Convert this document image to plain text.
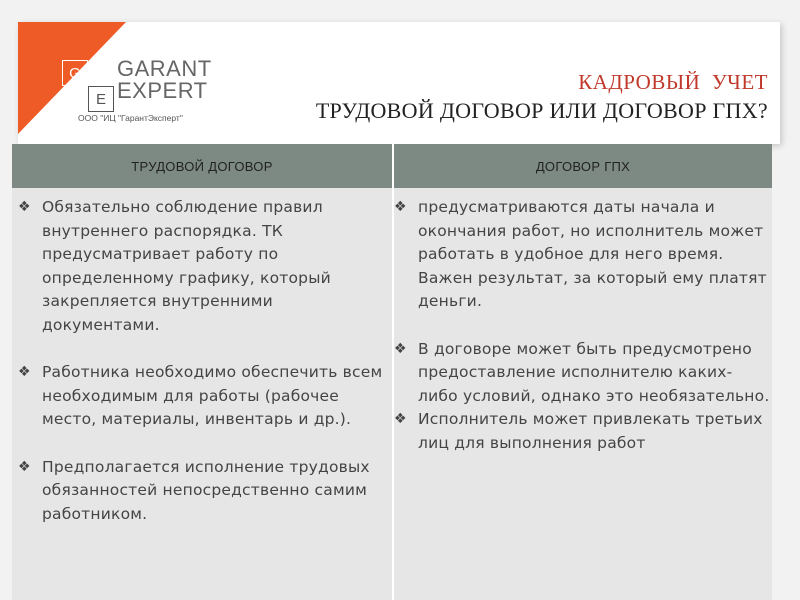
G
E
GARANT
EXPERT
ООО "ИЦ "ГарантЭксперт"
КАДРОВЫЙ  УЧЕТ
ТРУДОВОЙ ДОГОВОР ИЛИ ДОГОВОР ГПХ?
ТРУДОВОЙ ДОГОВОР	ДОГОВОР ГПХ
❖ Обязательно соблюдение правил внутреннего распорядка. ТК предусматривает работу по определенному графику, который закрепляется внутренними документами.
❖ Работника необходимо обеспечить всем необходимым для работы (рабочее место, материалы, инвентарь и др.).
❖ Предполагается исполнение трудовых обязанностей непосредственно самим работником.
❖ предусматриваются даты начала и окончания работ, но исполнитель может работать в удобное для него время. Важен результат, за который ему платят деньги.
❖ В договоре может быть предусмотрено предоставление исполнителю каких-либо условий, однако это необязательно.
❖ Исполнитель может привлекать третьих лиц для выполнения работ
